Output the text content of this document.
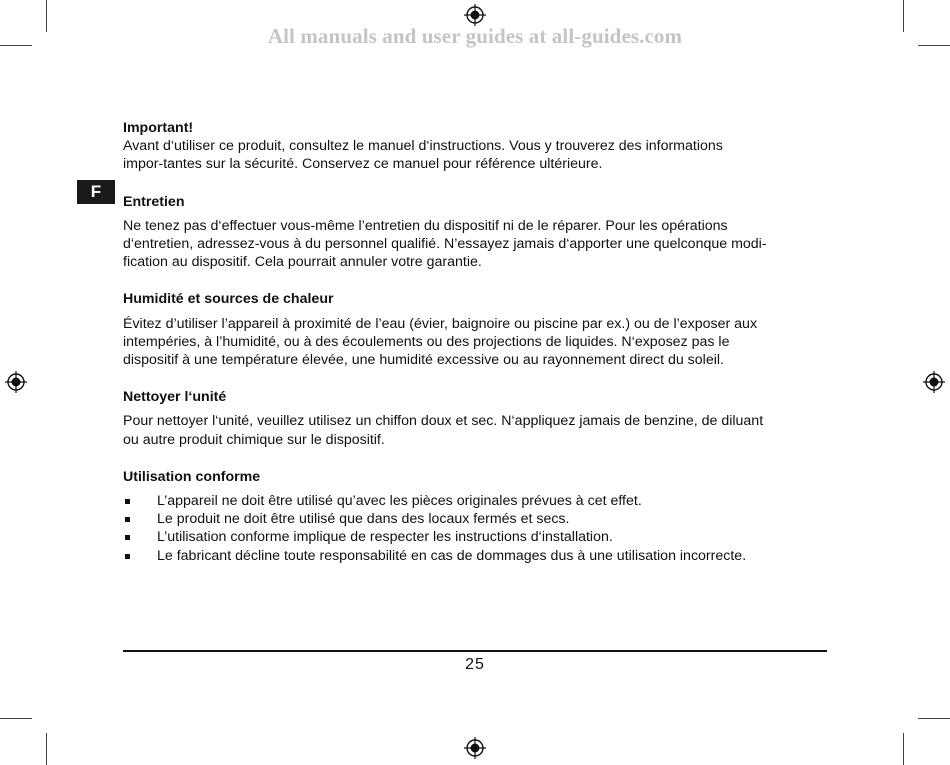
All manuals and user guides at all-guides.com
F

Important!

Avant d‘utiliser ce produit, consultez le manuel d‘instructions. Vous y trouverez des informations

impor-tantes sur la sécurité. Conservez ce manuel pour référence ultérieure.

Entretien

Ne tenez pas d‘effectuer vous-même l’entretien du dispositif ni de le réparer. Pour les opérations

d‘entretien, adressez-vous à du personnel qualifié. N’essayez jamais d‘apporter une quelconque modi-

fication au dispositif. Cela pourrait annuler votre garantie.

Humidité et sources de chaleur

Évitez d’utiliser l’appareil à proximité de l’eau (évier, baignoire ou piscine par ex.) ou de l’exposer aux

intempéries, à l’humidité, ou à des écoulements ou des projections de liquides. N‘exposez pas le

dispositif à une température élevée, une humidité excessive ou au rayonnement direct du soleil.

Nettoyer l‘unité

Pour nettoyer l‘unité, veuillez utilisez un chiffon doux et sec. N‘appliquez jamais de benzine, de diluant

ou autre produit chimique sur le dispositif.

Utilisation conforme

L’appareil ne doit être utilisé qu’avec les pièces originales prévues à cet effet.
Le produit ne doit être utilisé que dans des locaux fermés et secs.
L’utilisation conforme implique de respecter les instructions d‘installation.
Le fabricant décline toute responsabilité en cas de dommages dus à une utilisation incorrecte.
25
